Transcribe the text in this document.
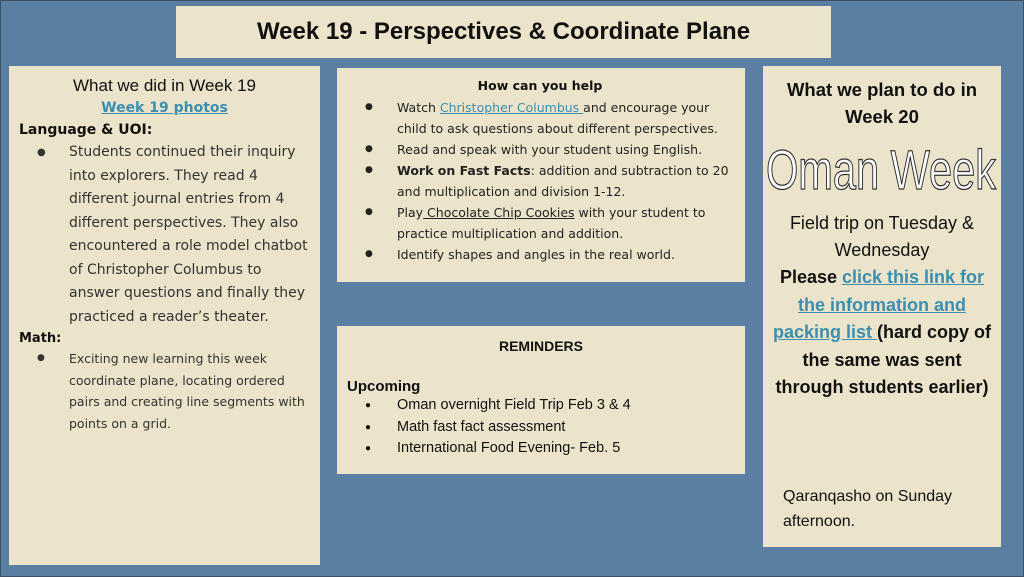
Week 19 - Perspectives & Coordinate Plane
What we did in Week 19
Week 19 photos
Language & UOI:
● Students continued their inquiry into explorers. They read 4 different journal entries from 4 different perspectives. They also encountered a role model chatbot of Christopher Columbus to answer questions and finally they practiced a reader’s theater.
Math:
● Exciting new learning this week coordinate plane, locating ordered pairs and creating line segments with points on a grid.
How can you help
● Watch Christopher Columbus and encourage your child to ask questions about different perspectives.
● Read and speak with your student using English.
● Work on Fast Facts: addition and subtraction to 20 and multiplication and division 1-12.
● Play Chocolate Chip Cookies with your student to practice multiplication and addition.
● Identify shapes and angles in the real world.
REMINDERS
Upcoming
● Oman overnight Field Trip Feb 3 & 4
● Math fast fact assessment
● International Food Evening- Feb. 5
What we plan to do in Week 20
Oman Week
Field trip on Tuesday & Wednesday
Please click this link for the information and packing list (hard copy of the same was sent through students earlier)
Qaranqasho on Sunday afternoon.
